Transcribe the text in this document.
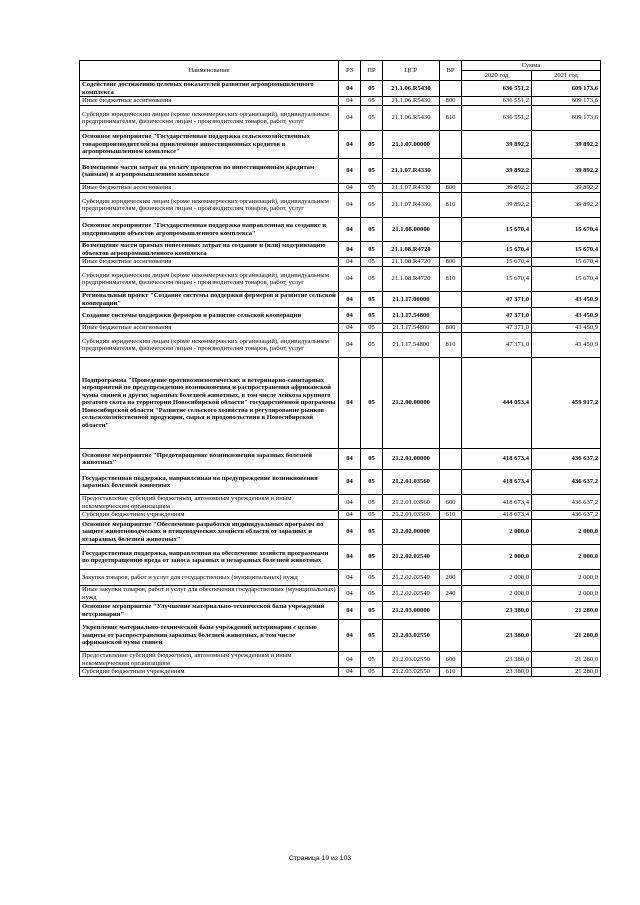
Наименование	РЗ	ПР	ЦСР	ВР	Сумма	
					2020 год	2021 год
Содействие достижению целевых показателей развития агропромышленного комплекса	04	05	21.1.06.R5430		636 551,2	609 173,6
Иные бюджетные ассигнования	04	05	21.1.06.R5430	800	636 551,2	609 173,6
Субсидии юридическим лицам (кроме некоммерческих организаций), индивидуальным предпринимателям, физическим лицам - производителям товаров, работ, услуг	04	05	21.1.06.R5430	810	636 551,2	609 173,6
Основное мероприятие "Государственная поддержка сельскохозяйственных товаропроизводителей на привлечение инвестиционных кредитов в агропромышленном комплексе"	04	05	21.1.07.00000		39 892,2	39 892,2
Возмещение части затрат на уплату процентов по инвестиционным кредитам (займам) в агропромышленном комплексе	04	05	21.1.07.R4330		39 892,2	39 892,2
Иные бюджетные ассигнования	04	05	21.1.07.R4330	800	39 892,2	39 892,2
Субсидии юридическим лицам (кроме некоммерческих организаций), индивидуальным предпринимателям, физическим лицам - производителям товаров, работ, услуг	04	05	21.1.07.R4330	810	39 892,2	39 892,2
Основное мероприятие "Государственная поддержка направленная на создание и модернизацию объектов агропромышленного комплекса"	04	05	21.1.08.00000		15 670,4	15 670,4
Возмещение части прямых понесенных затрат на создание и (или) модернизацию объектов агропромышленного комплекса	04	05	21.1.08.R4720		15 670,4	15 670,4
Иные бюджетные ассигнования	04	05	21.1.08.R4720	800	15 670,4	15 670,4
Субсидии юридическим лицам (кроме некоммерческих организаций), индивидуальным предпринимателям, физическим лицам - производителям товаров, работ, услуг	04	05	21.1.08.R4720	810	15 670,4	15 670,4
Региональный проект "Создание системы поддержки фермеров и развитие сельской кооперации"	04	05	21.1.I7.00000		47 371,0	43 450,9
Создание системы поддержки фермеров и развитие сельской кооперации	04	05	21.1.I7.54800		47 371,0	43 450,9
Иные бюджетные ассигнования	04	05	21.1.I7.54800	800	47 371,0	43 450,9
Субсидии юридическим лицам (кроме некоммерческих организаций), индивидуальным предпринимателям, физическим лицам - производителям товаров, работ, услуг	04	05	21.1.I7.54800	810	47 371,0	43 450,9
Подпрограмма "Проведение противоэпизоотических и ветеринарно-санитарных мероприятий по предупреждению возникновения и распространения африканской чумы свиней и других заразных болезней животных, в том числе лейкоза крупного рогатого скота на территории Новосибирской области" государственной программы Новосибирской области "Развитие сельского хозяйства и регулирование рынков сельскохозяйственной продукции, сырья и продовольствия в Новосибирской области"	04	05	21.2.00.00000		444 053,4	459 917,2
Основное мероприятие "Предотвращение возникновения заразных болезней животных"	04	05	21.2.01.00000		418 673,4	436 637,2
Государственная поддержка, направленная на предупреждение возникновения заразных болезней животных	04	05	21.2.01.03560		418 673,4	436 637,2
Предоставление субсидий бюджетным, автономным учреждениям и иным некоммерческим организациям	04	05	21.2.01.03560	600	418 673,4	436 637,2
Субсидии бюджетным учреждениям	04	05	21.2.01.03560	610	418 673,4	436 637,2
Основное мероприятие "Обеспечение разработки индивидуальных программ по защите животноводческих и птицеводческих хозяйств области от заразных и незаразных болезней животных"	04	05	21.2.02.00000		2 000,0	2 000,0
Государственная поддержка, направленная на обеспечение хозяйств программами по предотвращению вреда от заноса заразных и незаразных болезней животных	04	05	21.2.02.02540		2 000,0	2 000,0
Закупка товаров, работ и услуг для государственных (муниципальных) нужд	04	05	21.2.02.02540	200	2 000,0	2 000,0
Иные закупки товаров, работ и услуг для обеспечения государственных (муниципальных) нужд	04	05	21.2.02.02540	240	2 000,0	2 000,0
Основное мероприятие "Улучшение материально-технической базы учреждений ветеринарии"	04	05	21.2.03.00000		23 380,0	21 280,0
Укрепление материально-технической базы учреждений ветеринарии с целью защиты от распространения заразных болезней животных, в том числе африканской чумы свиней	04	05	21.2.03.02550		23 380,0	21 280,0
Предоставление субсидий бюджетным, автономным учреждениям и иным некоммерческим организациям	04	05	21.2.03.02550	600	23 380,0	21 280,0
Субсидии бюджетным учреждениям	04	05	21.2.03.02550	610	23 380,0	21 280,0
Страница 19 из 103
